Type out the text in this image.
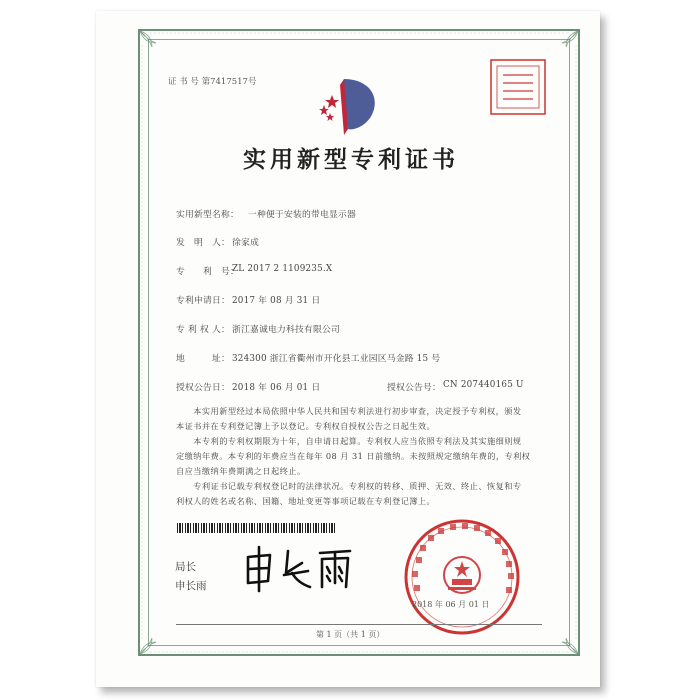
证 书 号 第7417517号
实用新型专利证书
实用新型名称： 一种便于安装的带电显示器
发　明　人： 徐家成
专　　利　号：
ZL 2017 2 1109235.X
专利申请日： 2017 年 08 月 31 日
专 利 权 人： 浙江嘉诚电力科技有限公司
地　　　址： 324300 浙江省衢州市开化县工业园区马金路 15 号
授权公告日： 2018 年 06 月 01 日	授权公告号： CN 207440165 U
　　本实用新型经过本局依照中华人民共和国专利法进行初步审查，决定授予专利权，颁发
本证书并在专利登记簿上予以登记。专利权自授权公告之日起生效。
　　本专利的专利权期限为十年，自申请日起算。专利权人应当依照专利法及其实施细则规
定缴纳年费。本专利的年费应当在每年 08 月 31 日前缴纳。未按照规定缴纳年费的，专利权
自应当缴纳年费期满之日起终止。
　　专利证书记载专利权登记时的法律状况。专利权的转移、质押、无效、终止、恢复和专
利权人的姓名或名称、国籍、地址变更等事项记载在专利登记簿上。
局长
申长雨
2018 年 06 月 01 日
第 1 页（共 1 页）
